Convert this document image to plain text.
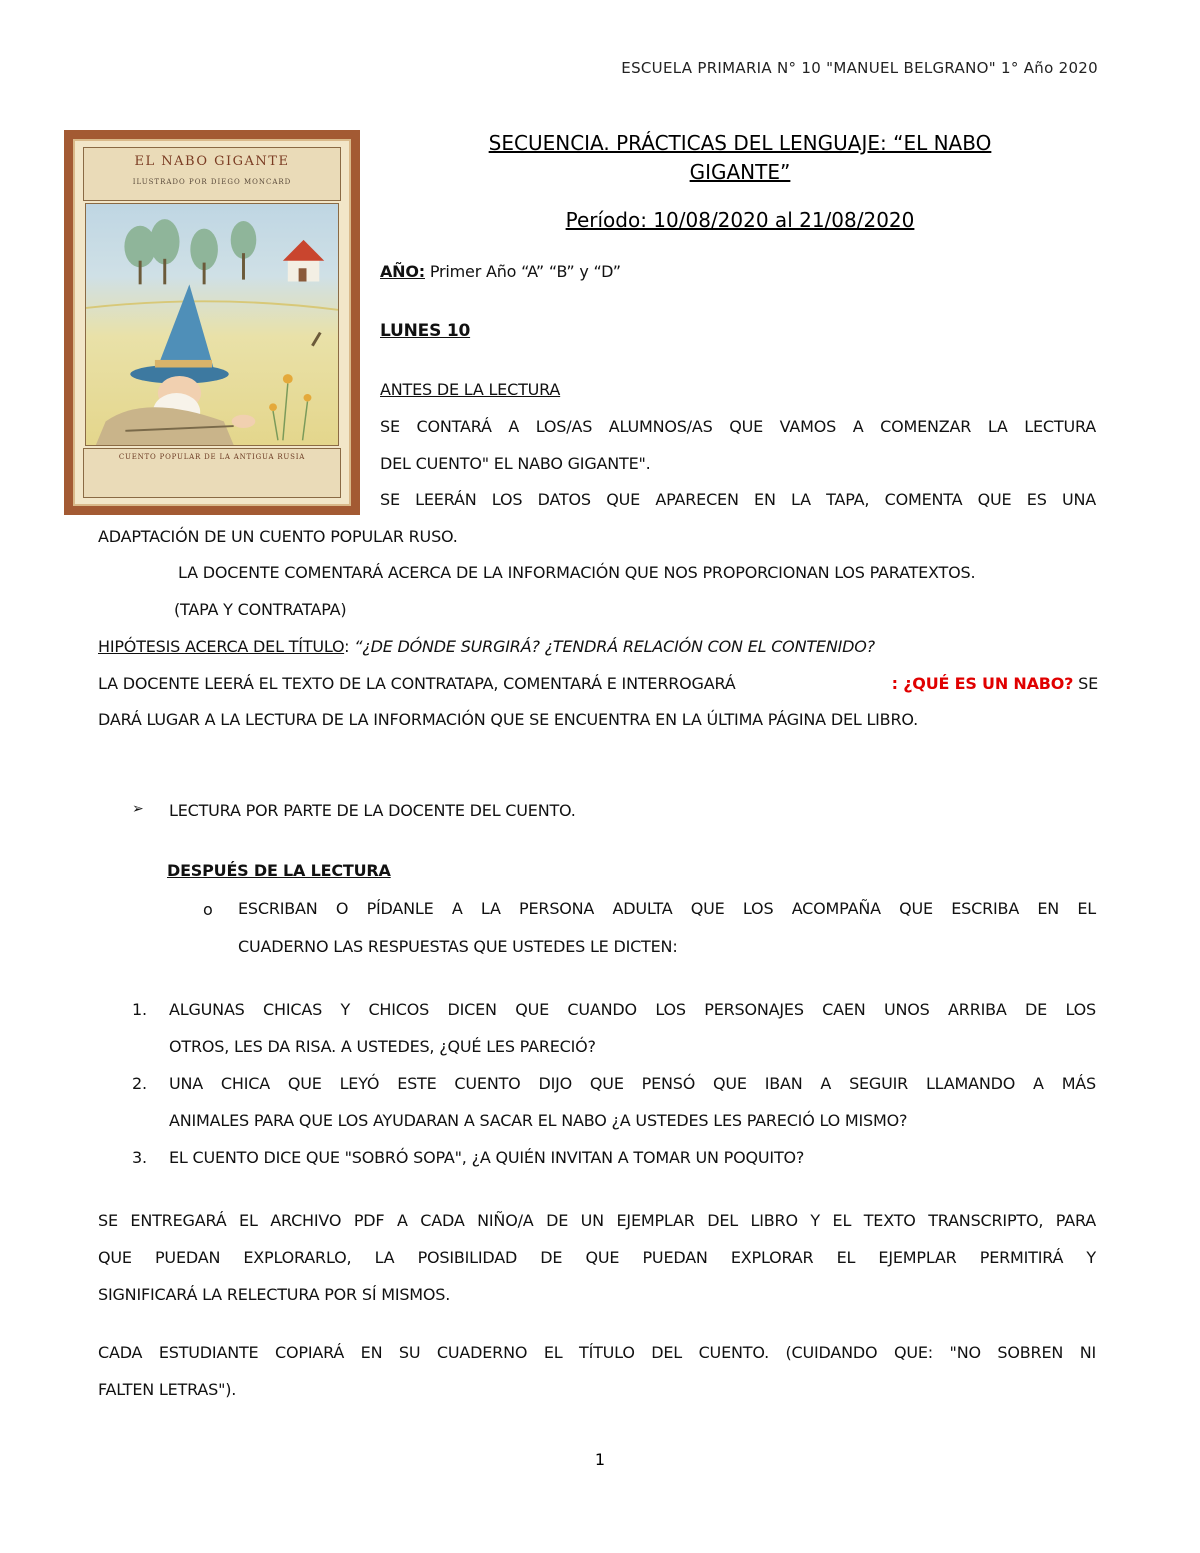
ESCUELA PRIMARIA N° 10 "MANUEL BELGRANO" 1° Año 2020
EL NABO GIGANTE
ILUSTRADO POR DIEGO MONCARD
CUENTO POPULAR DE LA ANTIGUA RUSIA
SECUENCIA. PRÁCTICAS DEL LENGUAJE: “EL NABO
GIGANTE”
Período: 10/08/2020 al 21/08/2020
AÑO: Primer Año “A” “B” y “D”
LUNES 10
ANTES DE LA LECTURA
SE CONTARÁ A LOS/AS ALUMNOS/AS QUE VAMOS A COMENZAR LA LECTURA
DEL CUENTO" EL NABO GIGANTE".
SE LEERÁN LOS DATOS QUE APARECEN EN LA TAPA, COMENTA QUE ES UNA
ADAPTACIÓN DE UN CUENTO POPULAR RUSO.
LA DOCENTE COMENTARÁ ACERCA DE LA INFORMACIÓN QUE NOS PROPORCIONAN LOS PARATEXTOS.
(TAPA Y CONTRATAPA)
HIPÓTESIS ACERCA DEL TÍTULO: “¿DE DÓNDE SURGIRÁ? ¿TENDRÁ RELACIÓN CON EL CONTENIDO?
LA DOCENTE LEERÁ EL TEXTO DE LA CONTRATAPA, COMENTARÁ E INTERROGARÁ	: ¿QUÉ ES UN NABO? SE
DARÁ LUGAR A LA LECTURA DE LA INFORMACIÓN QUE SE ENCUENTRA EN LA ÚLTIMA PÁGINA DEL LIBRO.
➢ LECTURA POR PARTE DE LA DOCENTE DEL CUENTO.
DESPUÉS DE LA LECTURA
o ESCRIBAN O PÍDANLE A LA PERSONA ADULTA QUE LOS ACOMPAÑA QUE ESCRIBA EN EL
CUADERNO LAS RESPUESTAS QUE USTEDES LE DICTEN:
1. ALGUNAS CHICAS Y CHICOS DICEN QUE CUANDO LOS PERSONAJES CAEN UNOS ARRIBA DE LOS
OTROS, LES DA RISA. A USTEDES, ¿QUÉ LES PARECIÓ?
2. UNA CHICA QUE LEYÓ ESTE CUENTO DIJO QUE PENSÓ QUE IBAN A SEGUIR LLAMANDO A MÁS
ANIMALES PARA QUE LOS AYUDARAN A SACAR EL NABO ¿A USTEDES LES PARECIÓ LO MISMO?
3. EL CUENTO DICE QUE "SOBRÓ SOPA", ¿A QUIÉN INVITAN A TOMAR UN POQUITO?
SE ENTREGARÁ EL ARCHIVO PDF A CADA NIÑO/A DE UN EJEMPLAR DEL LIBRO Y EL TEXTO TRANSCRIPTO, PARA
QUE PUEDAN EXPLORARLO, LA POSIBILIDAD DE QUE PUEDAN EXPLORAR EL EJEMPLAR PERMITIRÁ Y
SIGNIFICARÁ LA RELECTURA POR SÍ MISMOS.
CADA ESTUDIANTE COPIARÁ EN SU CUADERNO EL TÍTULO DEL CUENTO. (CUIDANDO QUE: "NO SOBREN NI
FALTEN LETRAS").
1
